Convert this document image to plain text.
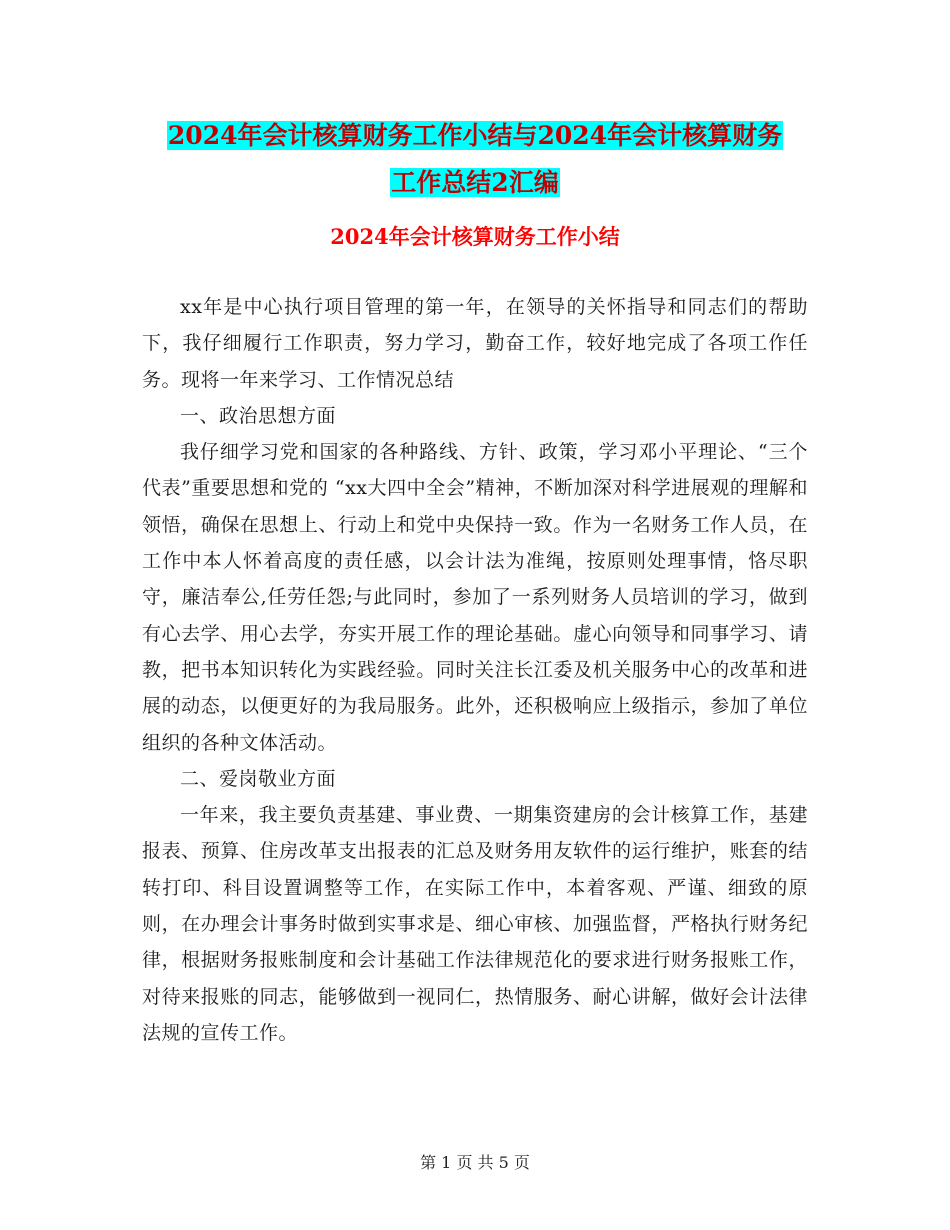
2024年会计核算财务工作小结与2024年会计核算财务
工作总结2汇编
2024年会计核算财务工作小结

xx年是中心执行项目管理的第一年，在领导的关怀指导和同志们的帮助下，我仔细履行工作职责，努力学习，勤奋工作，较好地完成了各项工作任务。现将一年来学习、工作情况总结

一、政治思想方面

我仔细学习党和国家的各种路线、方针、政策，学习邓小平理论、“三个代表”重要思想和党的 “xx大四中全会”精神，不断加深对科学进展观的理解和领悟，确保在思想上、行动上和党中央保持一致。作为一名财务工作人员，在工作中本人怀着高度的责任感，以会计法为准绳，按原则处理事情，恪尽职守，廉洁奉公,任劳任怨;与此同时，参加了一系列财务人员培训的学习，做到有心去学、用心去学，夯实开展工作的理论基础。虚心向领导和同事学习、请教，把书本知识转化为实践经验。同时关注长江委及机关服务中心的改革和进展的动态，以便更好的为我局服务。此外，还积极响应上级指示，参加了单位组织的各种文体活动。

二、爱岗敬业方面

一年来，我主要负责基建、事业费、一期集资建房的会计核算工作，基建报表、预算、住房改革支出报表的汇总及财务用友软件的运行维护，账套的结转打印、科目设置调整等工作，在实际工作中，本着客观、严谨、细致的原则，在办理会计事务时做到实事求是、细心审核、加强监督，严格执行财务纪律，根据财务报账制度和会计基础工作法律规范化的要求进行财务报账工作，对待来报账的同志，能够做到一视同仁，热情服务、耐心讲解，做好会计法律法规的宣传工作。

第 1 页 共 5 页
